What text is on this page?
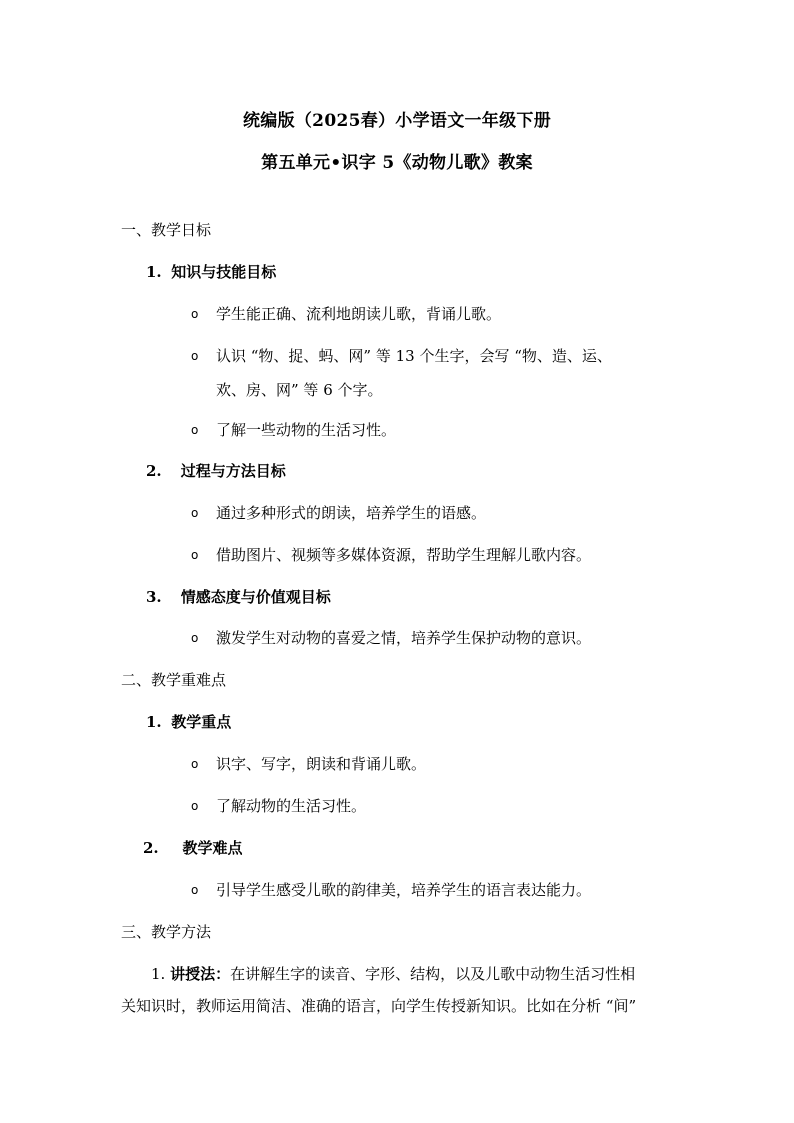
统编版（2025春）小学语文一年级下册
第五单元•识字 5《动物儿歌》教案
一、教学日标
1. 知识与技能目标
o 学生能正确、流利地朗读儿歌，背诵儿歌。
o 认识 “物、捉、蚂、网” 等 13 个生字，会写 “物、造、运、
欢、房、网” 等 6 个字。
o 了解一些动物的生活习性。
2. 过程与方法目标
o 通过多种形式的朗读，培养学生的语感。
o 借助图片、视频等多媒体资源，帮助学生理解儿歌内容。
3. 情感态度与价值观目标
o 激发学生对动物的喜爱之情，培养学生保护动物的意识。
二、教学重难点
1. 教学重点
o 识字、写字，朗读和背诵儿歌。
o 了解动物的生活习性。
2. 教学难点
o 引导学生感受儿歌的韵律美，培养学生的语言表达能力。
三、教学方法
1. 讲授法：在讲解生字的读音、字形、结构，以及儿歌中动物生活习性相
关知识时，教师运用简洁、准确的语言，向学生传授新知识。比如在分析 “间”
